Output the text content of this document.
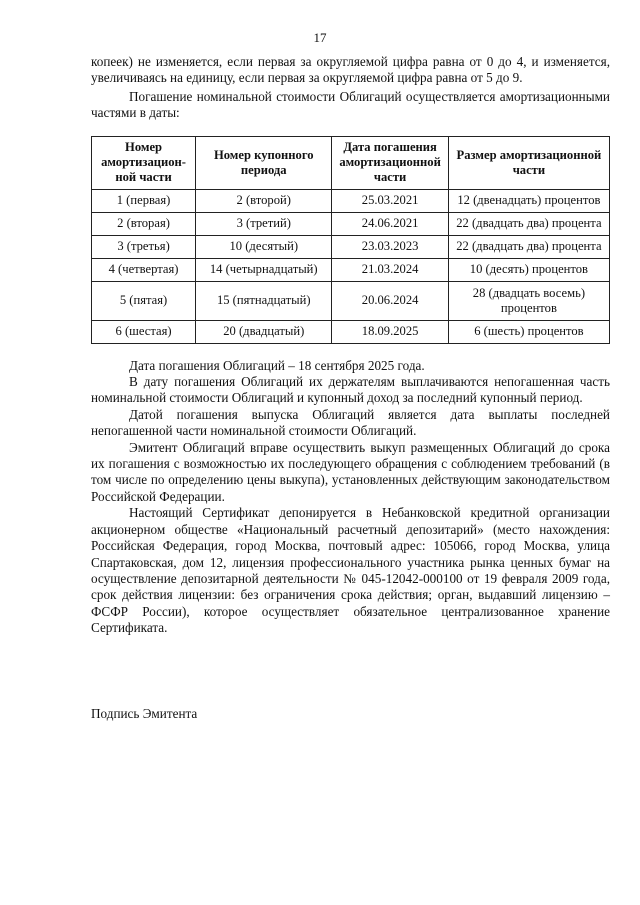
17

копеек) не изменяется, если первая за округляемой цифра равна от 0 до 4, и изменяется, увеличиваясь на единицу, если первая за округляемой цифра равна от 5 до 9.

Погашение номинальной стоимости Облигаций осуществляется амортизационными частями в даты:

Номер амортизацион-ной части	Номер купонного периода	Дата погашения амортизационной части	Размер амортизационной части
1 (первая)	2 (второй)	25.03.2021	12 (двенадцать) процентов
2 (вторая)	3 (третий)	24.06.2021	22 (двадцать два) процента
3 (третья)	10 (десятый)	23.03.2023	22 (двадцать два) процента
4 (четвертая)	14 (четырнадцатый)	21.03.2024	10 (десять) процентов
5 (пятая)	15 (пятнадцатый)	20.06.2024	28 (двадцать восемь) процентов
6 (шестая)	20 (двадцатый)	18.09.2025	6 (шесть) процентов

Дата погашения Облигаций – 18 сентября 2025 года.

В дату погашения Облигаций их держателям выплачиваются непогашенная часть номинальной стоимости Облигаций и купонный доход за последний купонный период.

Датой погашения выпуска Облигаций является дата выплаты последней непогашенной части номинальной стоимости Облигаций.

Эмитент Облигаций вправе осуществить выкуп размещенных Облигаций до срока их погашения с возможностью их последующего обращения с соблюдением требований (в том числе по определению цены выкупа), установленных действующим законодательством Российской Федерации.

Настоящий Сертификат депонируется в Небанковской кредитной организации акционерном обществе «Национальный расчетный депозитарий» (место нахождения: Российская Федерация, город Москва, почтовый адрес: 105066, город Москва, улица Спартаковская, дом 12, лицензия профессионального участника рынка ценных бумаг на осуществление депозитарной деятельности № 045-12042-000100 от 19 февраля 2009 года, срок действия лицензии: без ограничения срока действия; орган, выдавший лицензию – ФСФР России), которое осуществляет обязательное централизованное хранение Сертификата.

Подпись Эмитента
